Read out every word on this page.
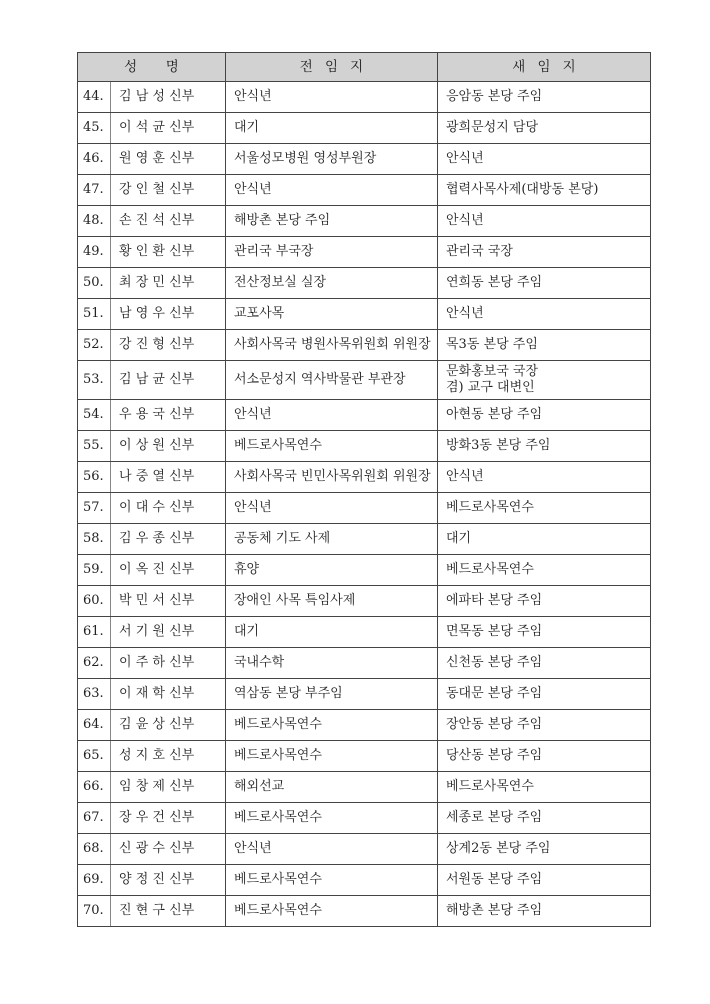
성 명		전임지	새임지
44.	김 남 성 신부	안식년	응암동 본당 주임

45.	이 석 균 신부	대기	광희문성지 담당

46.	원 영 훈 신부	서울성모병원 영성부원장	안식년

47.	강 인 철 신부	안식년	협력사목사제(대방동 본당)

48.	손 진 석 신부	해방촌 본당 주임	안식년

49.	황 인 환 신부	관리국 부국장	관리국 국장

50.	최 장 민 신부	전산정보실 실장	연희동 본당 주임

51.	남 영 우 신부	교포사목	안식년

52.	강 진 형 신부	사회사목국 병원사목위원회 위원장	목3동 본당 주임

53.	김 남 균 신부	서소문성지 역사박물관 부관장	문화홍보국 국장
겸) 교구 대변인

54.	우 용 국 신부	안식년	아현동 본당 주임

55.	이 상 원 신부	베드로사목연수	방화3동 본당 주임

56.	나 중 열 신부	사회사목국 빈민사목위원회 위원장	안식년

57.	이 대 수 신부	안식년	베드로사목연수

58.	김 우 종 신부	공동체 기도 사제	대기

59.	이 옥 진 신부	휴양	베드로사목연수

60.	박 민 서 신부	장애인 사목 특임사제	에파타 본당 주임

61.	서 기 원 신부	대기	면목동 본당 주임

62.	이 주 하 신부	국내수학	신천동 본당 주임

63.	이 재 학 신부	역삼동 본당 부주임	동대문 본당 주임

64.	김 윤 상 신부	베드로사목연수	장안동 본당 주임

65.	성 지 호 신부	베드로사목연수	당산동 본당 주임

66.	임 창 제 신부	해외선교	베드로사목연수

67.	장 우 건 신부	베드로사목연수	세종로 본당 주임

68.	신 광 수 신부	안식년	상계2동 본당 주임

69.	양 정 진 신부	베드로사목연수	서원동 본당 주임

70.	진 현 구 신부	베드로사목연수	해방촌 본당 주임
